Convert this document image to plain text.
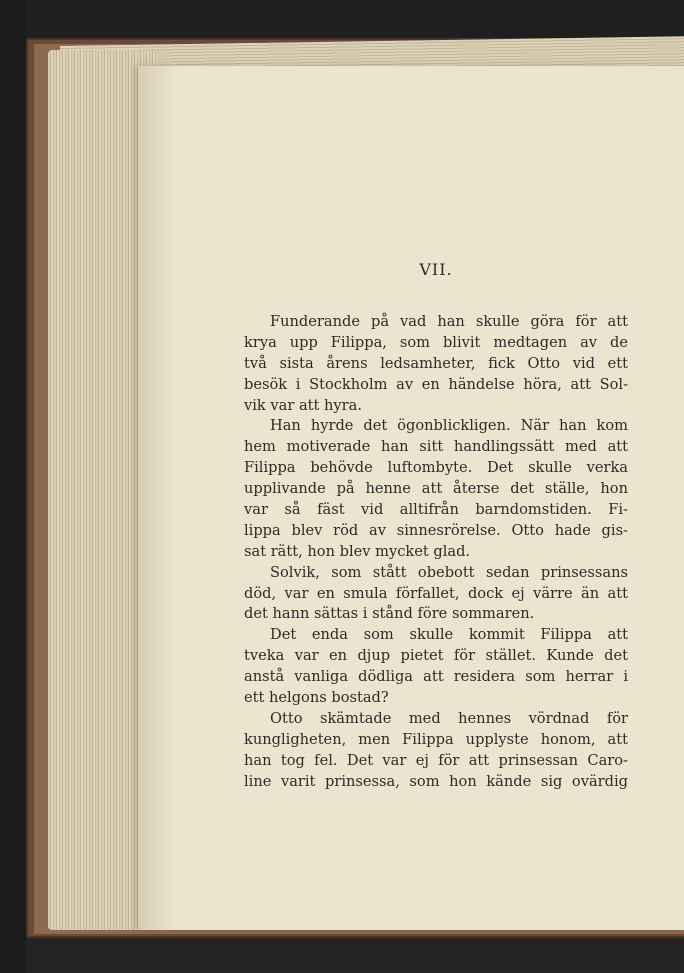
VII.
Funderande på vad han skulle göra för att
krya upp Filippa, som blivit medtagen av de
två sista årens ledsamheter, fick Otto vid ett
besök i Stockholm av en händelse höra, att Sol-
vik var att hyra.
Han hyrde det ögonblickligen. När han kom
hem motiverade han sitt handlingssätt med att
Filippa behövde luftombyte. Det skulle verka
upplivande på henne att återse det ställe, hon
var så fäst vid alltifrån barndomstiden. Fi-
lippa blev röd av sinnesrörelse. Otto hade gis-
sat rätt, hon blev mycket glad.
Solvik, som stått obebott sedan prinsessans
död, var en smula förfallet, dock ej värre än att
det hann sättas i stånd före sommaren.
Det enda som skulle kommit Filippa att
tveka var en djup pietet för stället. Kunde det
anstå vanliga dödliga att residera som herrar i
ett helgons bostad?
Otto skämtade med hennes vördnad för
kungligheten, men Filippa upplyste honom, att
han tog fel. Det var ej för att prinsessan Caro-
line varit prinsessa, som hon kände sig ovärdig
